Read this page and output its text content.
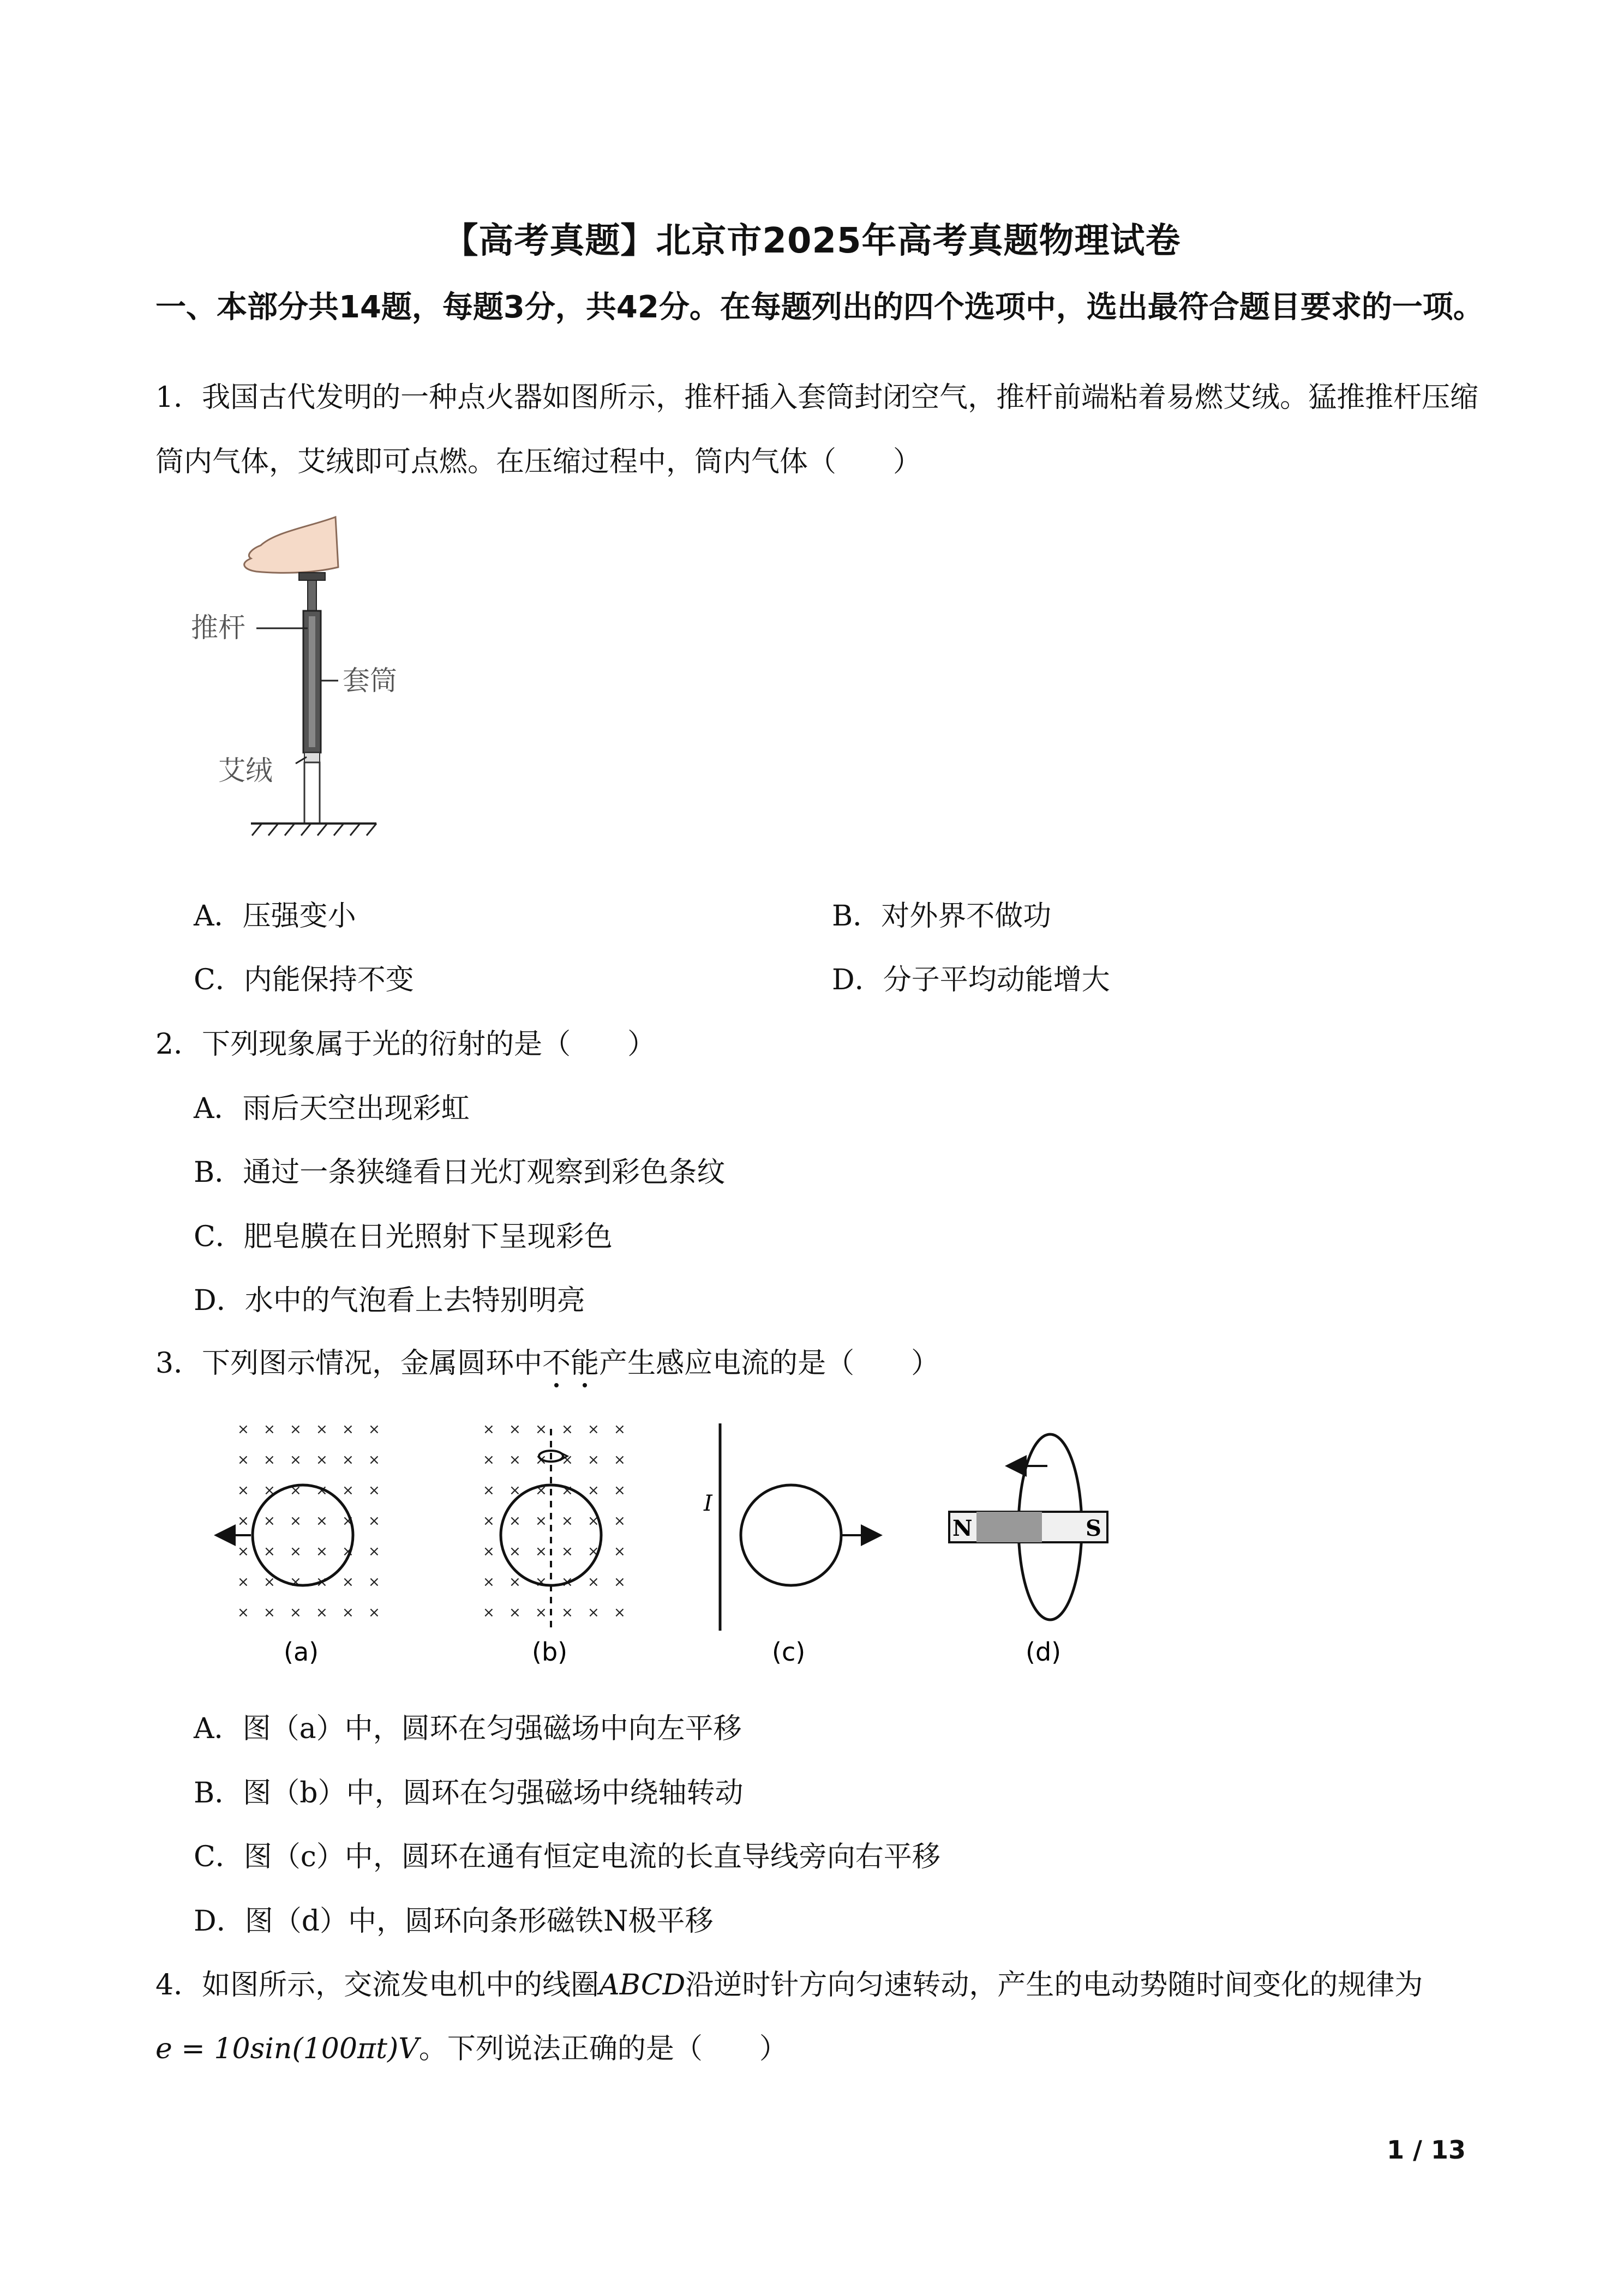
【高考真题】北京市2025年高考真题物理试卷
一、本部分共14题，每题3分，共42分。在每题列出的四个选项中，选出最符合题目要求的一项。
1．我国古代发明的一种点火器如图所示，推杆插入套筒封闭空气，推杆前端粘着易燃艾绒。猛推推杆压缩筒内气体，艾绒即可点燃。在压缩过程中，筒内气体（　　）
推杆
套筒
艾绒
A．压强变小	B．对外界不做功
C．内能保持不变	D．分子平均动能增大
2．下列现象属于光的衍射的是（　　）
A．雨后天空出现彩虹
B．通过一条狭缝看日光灯观察到彩色条纹
C．肥皂膜在日光照射下呈现彩色
D．水中的气泡看上去特别明亮
3．下列图示情况，金属圆环中不能产生感应电流的是（　　）
× × × × × ×
× × × × × ×
× × × × × ×
× × × × × ×
× × × × × ×
× × × × × ×
× × × × × ×
× × × × × ×
× × × × × ×
× × × × × ×
× × × × × ×
× × × × × ×
× × × × × ×
× × × × × ×
(a)	(b)
I
(c)
N	S
(d)
A．图（a）中，圆环在匀强磁场中向左平移
B．图（b）中，圆环在匀强磁场中绕轴转动
C．图（c）中，圆环在通有恒定电流的长直导线旁向右平移
D．图（d）中，圆环向条形磁铁N极平移
4．如图所示，交流发电机中的线圈ABCD沿逆时针方向匀速转动，产生的电动势随时间变化的规律为
e = 10sin(100πt)V。下列说法正确的是（　　）
1 / 13
